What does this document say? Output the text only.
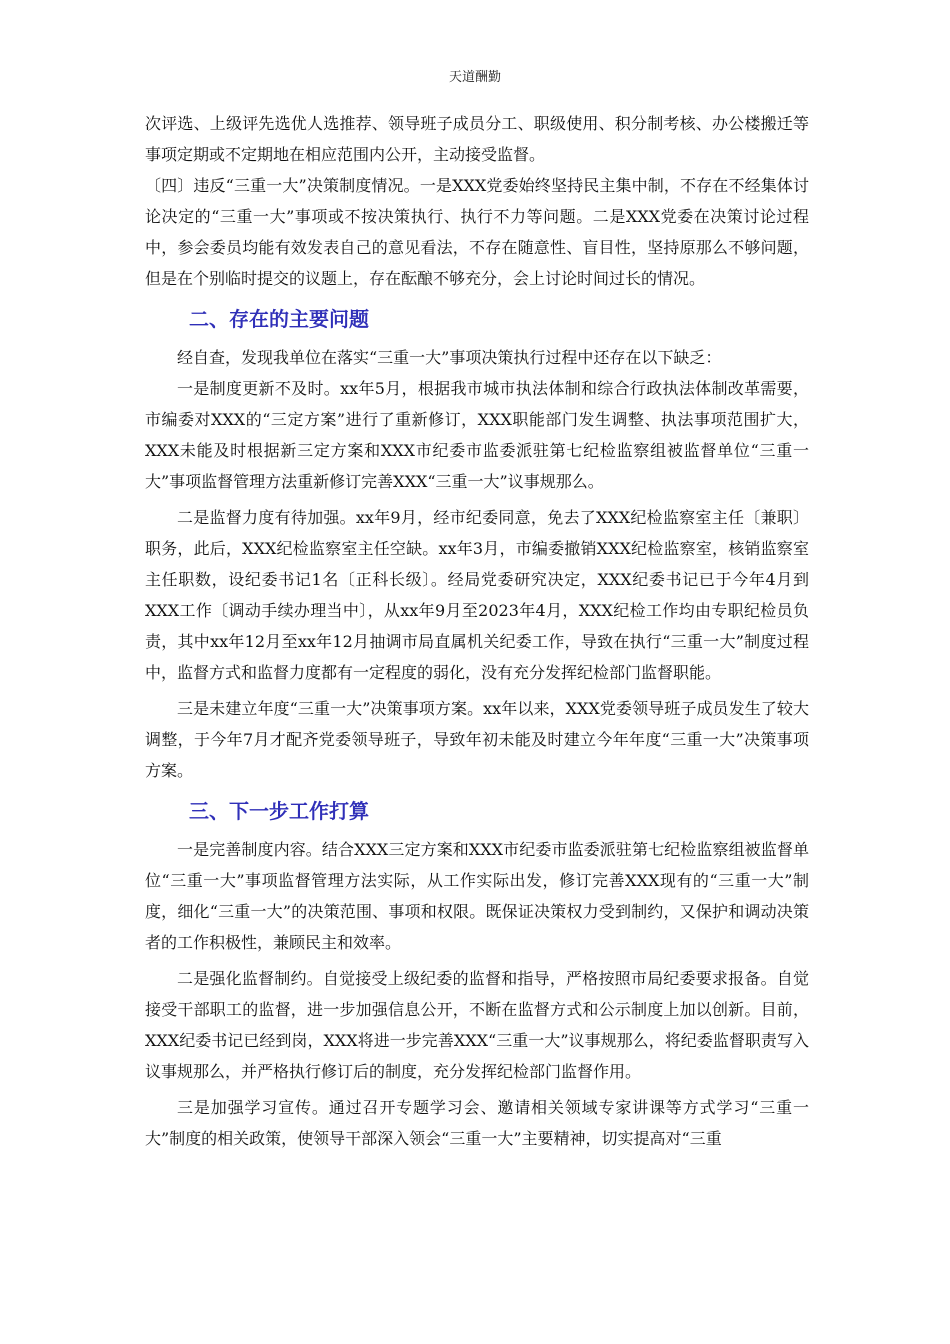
天道酬勤

次评选、上级评先选优人选推荐、领导班子成员分工、职级使用、积分制考核、办公楼搬迁等事项定期或不定期地在相应范围内公开，主动接受监督。

〔四〕违反“三重一大”决策制度情况。一是XXX党委始终坚持民主集中制，不存在不经集体讨论决定的“三重一大”事项或不按决策执行、执行不力等问题。二是XXX党委在决策讨论过程中，参会委员均能有效发表自己的意见看法，不存在随意性、盲目性，坚持原那么不够问题，但是在个别临时提交的议题上，存在酝酿不够充分，会上讨论时间过长的情况。

二、存在的主要问题

经自查，发现我单位在落实“三重一大”事项决策执行过程中还存在以下缺乏：

一是制度更新不及时。xx年5月，根据我市城市执法体制和综合行政执法体制改革需要，市编委对XXX的“三定方案”进行了重新修订，XXX职能部门发生调整、执法事项范围扩大，XXX未能及时根据新三定方案和XXX市纪委市监委派驻第七纪检监察组被监督单位“三重一大”事项监督管理方法重新修订完善XXX“三重一大”议事规那么。

二是监督力度有待加强。xx年9月，经市纪委同意，免去了XXX纪检监察室主任〔兼职〕职务，此后，XXX纪检监察室主任空缺。xx年3月，市编委撤销XXX纪检监察室，核销监察室主任职数，设纪委书记1名〔正科长级〕。经局党委研究决定，XXX纪委书记已于今年4月到XXX工作〔调动手续办理当中〕，从xx年9月至2023年4月，XXX纪检工作均由专职纪检员负责，其中xx年12月至xx年12月抽调市局直属机关纪委工作，导致在执行“三重一大”制度过程中，监督方式和监督力度都有一定程度的弱化，没有充分发挥纪检部门监督职能。

三是未建立年度“三重一大”决策事项方案。xx年以来，XXX党委领导班子成员发生了较大调整，于今年7月才配齐党委领导班子，导致年初未能及时建立今年年度“三重一大”决策事项方案。

三、下一步工作打算

一是完善制度内容。结合XXX三定方案和XXX市纪委市监委派驻第七纪检监察组被监督单位“三重一大”事项监督管理方法实际，从工作实际出发，修订完善XXX现有的“三重一大”制度，细化“三重一大”的决策范围、事项和权限。既保证决策权力受到制约，又保护和调动决策者的工作积极性，兼顾民主和效率。

二是强化监督制约。自觉接受上级纪委的监督和指导，严格按照市局纪委要求报备。自觉接受干部职工的监督，进一步加强信息公开，不断在监督方式和公示制度上加以创新。目前，XXX纪委书记已经到岗，XXX将进一步完善XXX“三重一大”议事规那么，将纪委监督职责写入议事规那么，并严格执行修订后的制度，充分发挥纪检部门监督作用。

三是加强学习宣传。通过召开专题学习会、邀请相关领域专家讲课等方式学习“三重一大”制度的相关政策，使领导干部深入领会“三重一大”主要精神，切实提高对“三重
